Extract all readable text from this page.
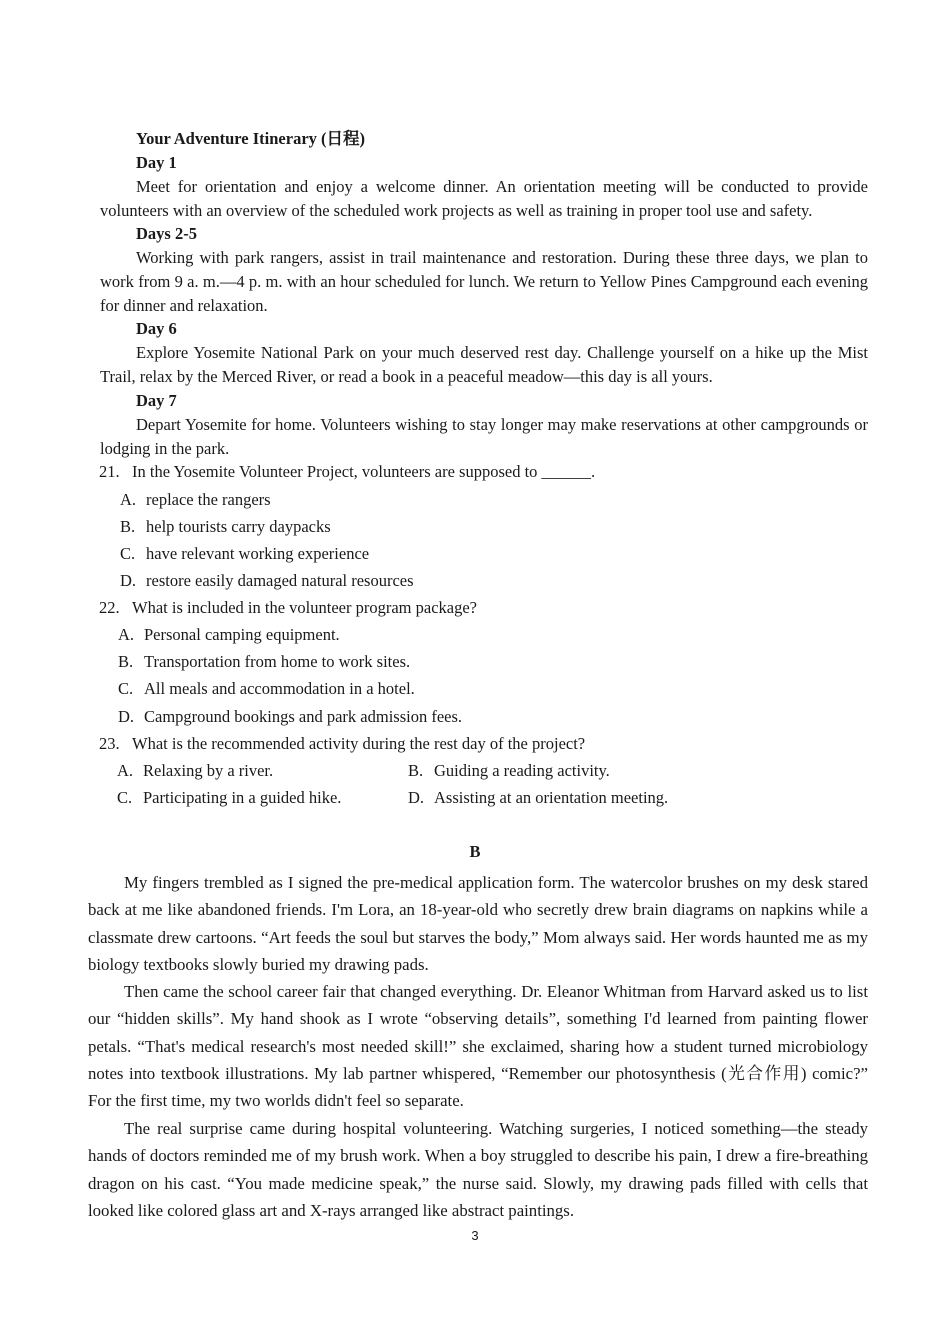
Your Adventure Itinerary (日程)
Day 1
Meet for orientation and enjoy a welcome dinner. An orientation meeting will be conducted to provide volunteers with an overview of the scheduled work projects as well as training in proper tool use and safety.
Days 2-5
Working with park rangers, assist in trail maintenance and restoration. During these three days, we plan to work from 9 a. m.—4 p. m. with an hour scheduled for lunch. We return to Yellow Pines Campground each evening for dinner and relaxation.
Day 6
Explore Yosemite National Park on your much deserved rest day. Challenge yourself on a hike up the Mist Trail, relax by the Merced River, or read a book in a peaceful meadow—this day is all yours.
Day 7
Depart Yosemite for home. Volunteers wishing to stay longer may make reservations at other campgrounds or lodging in the park.
21. In the Yosemite Volunteer Project, volunteers are supposed to ______.
A. replace the rangers
B. help tourists carry daypacks
C. have relevant working experience
D. restore easily damaged natural resources
22. What is included in the volunteer program package?
A. Personal camping equipment.
B. Transportation from home to work sites.
C. All meals and accommodation in a hotel.
D. Campground bookings and park admission fees.
23. What is the recommended activity during the rest day of the project?
A. Relaxing by a river.	B. Guiding a reading activity.
C. Participating in a guided hike.	D. Assisting at an orientation meeting.
B
My fingers trembled as I signed the pre-medical application form. The watercolor brushes on my desk stared back at me like abandoned friends. I'm Lora, an 18-year-old who secretly drew brain diagrams on napkins while a classmate drew cartoons. “Art feeds the soul but starves the body,” Mom always said. Her words haunted me as my biology textbooks slowly buried my drawing pads.
Then came the school career fair that changed everything. Dr. Eleanor Whitman from Harvard asked us to list our “hidden skills”. My hand shook as I wrote “observing details”, something I'd learned from painting flower petals. “That's medical research's most needed skill!” she exclaimed, sharing how a student turned microbiology notes into textbook illustrations. My lab partner whispered, “Remember our photosynthesis (光合作用) comic?” For the first time, my two worlds didn't feel so separate.
The real surprise came during hospital volunteering. Watching surgeries, I noticed something—the steady hands of doctors reminded me of my brush work. When a boy struggled to describe his pain, I drew a fire-breathing dragon on his cast. “You made medicine speak,” the nurse said. Slowly, my drawing pads filled with cells that looked like colored glass art and X-rays arranged like abstract paintings.
3
